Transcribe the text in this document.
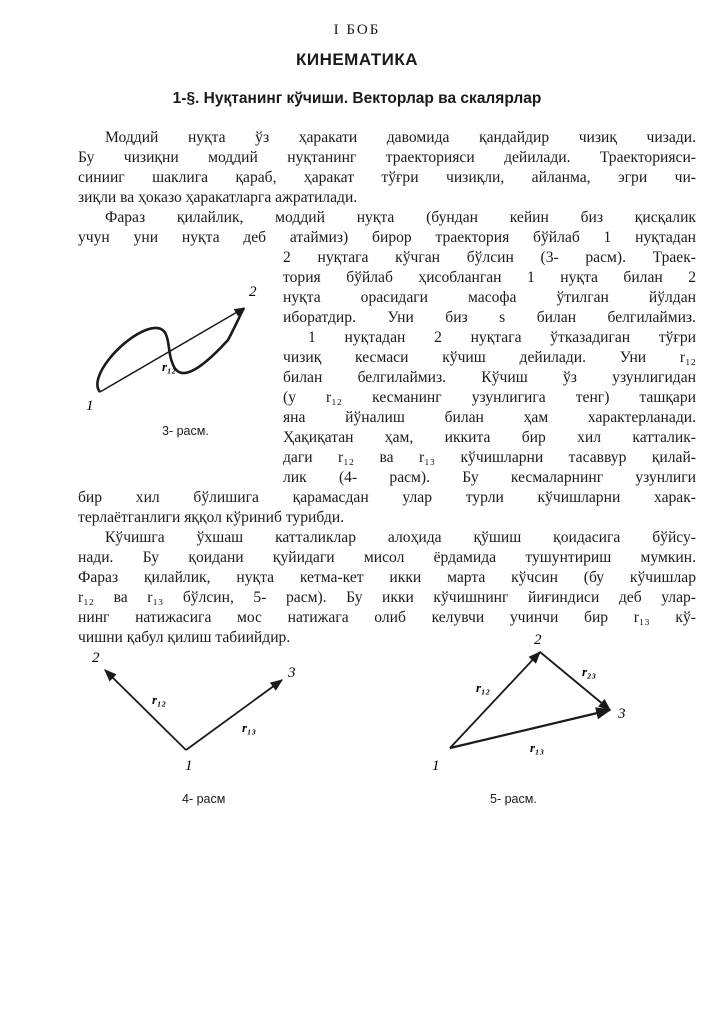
I БОБ
КИНЕМАТИКА
1-§. Нуқтанинг кўчиши. Векторлар ва скалярлар
Моддий нуқта ўз ҳаракати давомида қандайдир чизиқ чизади.
Бу чизиқни моддий нуқтанинг траекторияси дейилади. Траекторияси-
синииг шаклига қараб, ҳаракат тўғри чизиқли, айланма, эгри чи-
зиқли ва ҳоказо ҳаракатларга ажратилади.
Фараз қилайлик, моддий нуқта (бундан кейин биз қисқалик
учун уни нуқта деб атаймиз) бирор траектория бўйлаб 1 нуқтадан
2 нуқтага кўчган бўлсин (3- расм). Траек-
тория бўйлаб ҳисобланган 1 нуқта билан 2
нуқта орасидаги масофа ўтилган йўлдан
иборатдир. Уни биз s билан белгилаймиз.
1 нуқтадан 2 нуқтага ўтказадиган тўғри
чизиқ кесмаси кўчиш дейилади. Уни r₁₂
билан белгилаймиз. Кўчиш ўз узунлигидан
(у r₁₂ кесманинг узунлигига тенг) ташқари
яна йўналиш билан ҳам характерланади.
Ҳақиқатан ҳам, иккита бир хил катталик-
даги r₁₂ ва r₁₃ кўчишларни тасаввур қилай-
лик (4- расм). Бу кесмаларнинг узунлиги
бир хил бўлишига қарамасдан улар турли кўчишларни харак-
терлаётганлиги яққол кўриниб турибди.
Кўчишга ўхшаш катталиклар алоҳида қўшиш қоидасига бўйсу-
нади. Бу қоидани қуйидаги мисол ёрдамида тушунтириш мумкин.
Фараз қилайлик, нуқта кетма-кет икки марта кўчсин (бу кўчишлар
r₁₂ ва r₁₃ бўлсин, 5- расм). Бу икки кўчишнинг йиғиндиси деб улар-
нинг натижасига мос натижага олиб келувчи учинчи бир r₁₃ кў-
чишни қабул қилиш табиийдир.
1
2
r₁₂
3- расм.
2
3
1
r₁₂
r₁₃
4- расм
2
3
1
r₁₂
r₂₃
r₁₃
5- расм.
